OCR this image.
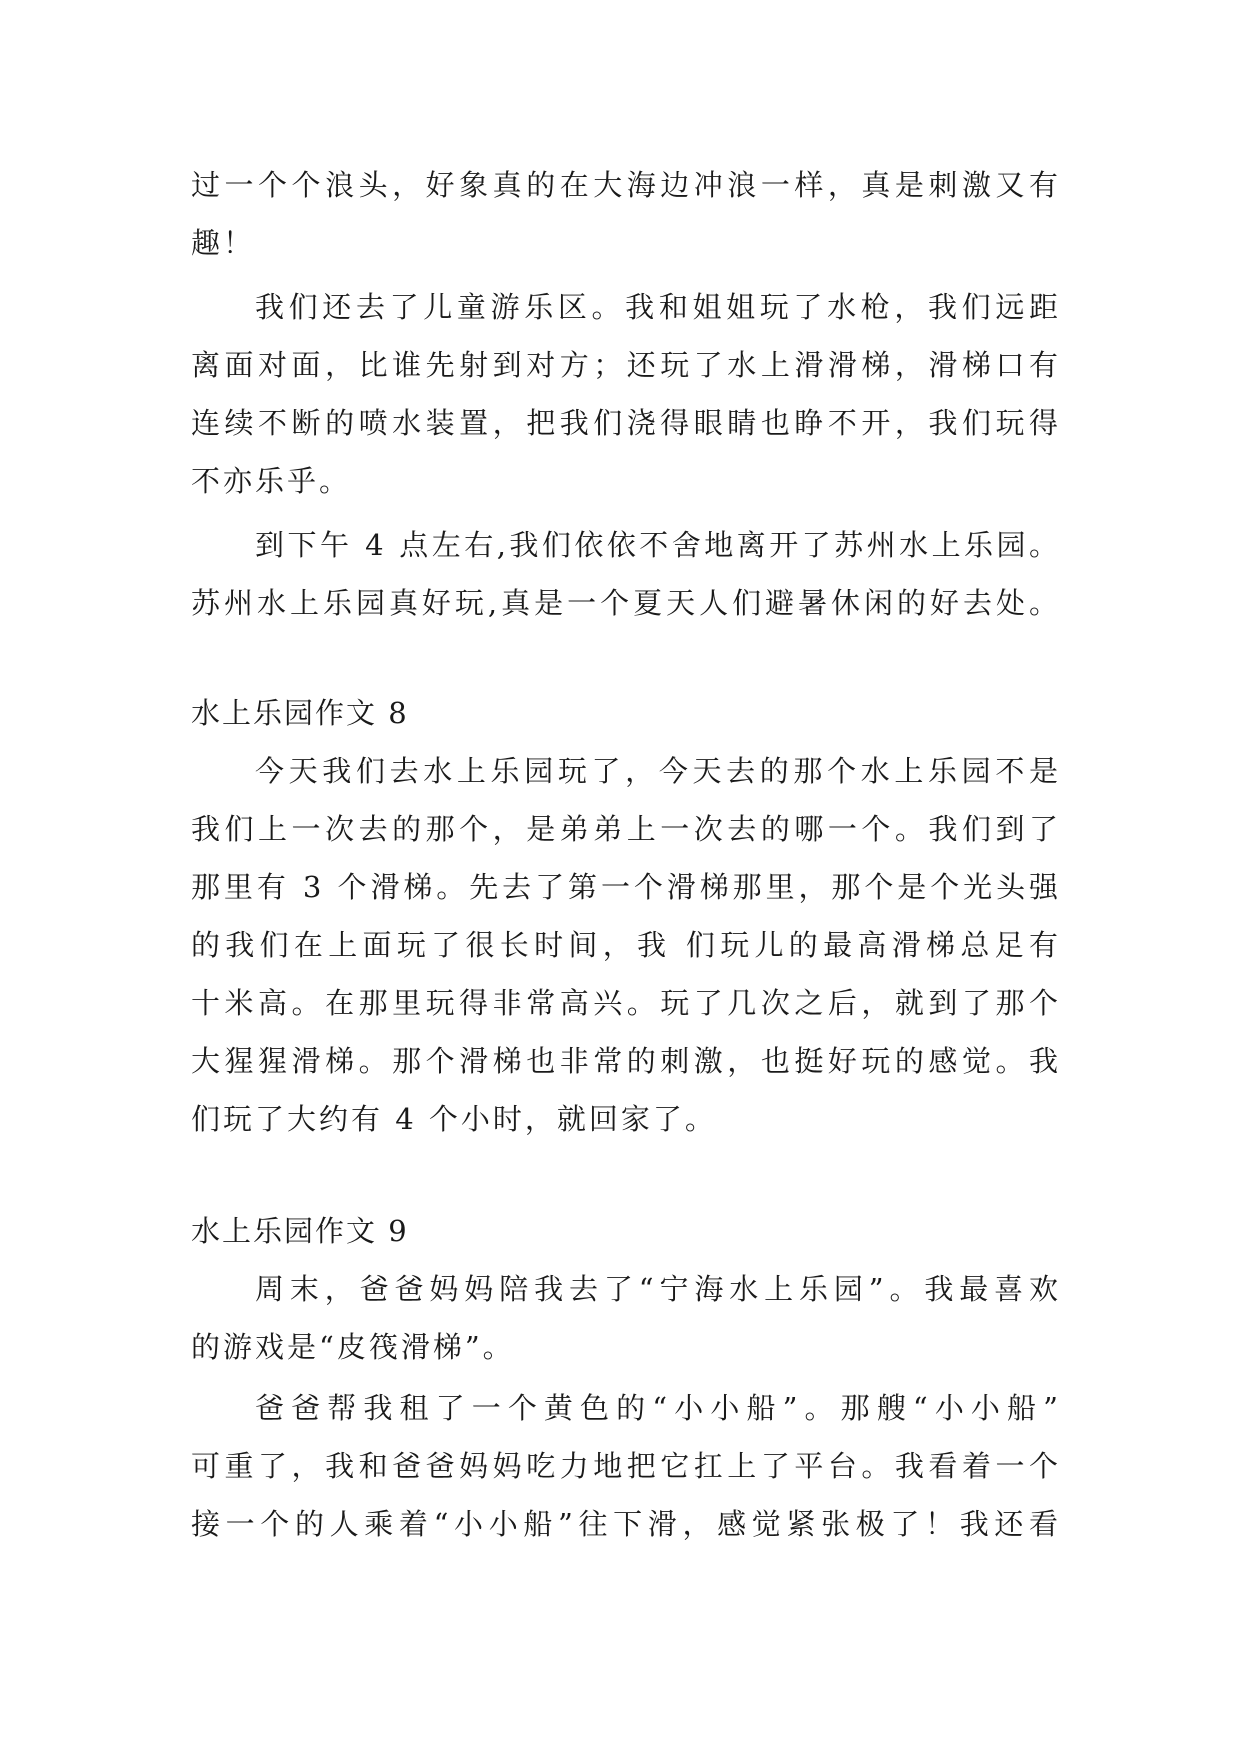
过一个个浪头，好象真的在大海边冲浪一样，真是刺激又有
趣！
我们还去了儿童游乐区。我和姐姐玩了水枪，我们远距
离面对面，比谁先射到对方；还玩了水上滑滑梯，滑梯口有
连续不断的喷水装置，把我们浇得眼睛也睁不开，我们玩得
不亦乐乎。
到下午 4 点左右,我们依依不舍地离开了苏州水上乐园。
苏州水上乐园真好玩,真是一个夏天人们避暑休闲的好去处。
水上乐园作文 8
今天我们去水上乐园玩了，今天去的那个水上乐园不是
我们上一次去的那个，是弟弟上一次去的哪一个。我们到了
那里有 3 个滑梯。先去了第一个滑梯那里，那个是个光头强
的我们在上面玩了很长时间，我 们玩儿的最高滑梯总足有
十米高。在那里玩得非常高兴。玩了几次之后，就到了那个
大猩猩滑梯。那个滑梯也非常的刺激，也挺好玩的感觉。我
们玩了大约有 4 个小时，就回家了。
水上乐园作文 9
周末，爸爸妈妈陪我去了“宁海水上乐园”。我最喜欢
的游戏是“皮筏滑梯”。
爸爸帮我租了一个黄色的“小小船”。那艘“小小船”
可重了，我和爸爸妈妈吃力地把它扛上了平台。我看着一个
接一个的人乘着“小小船”往下滑，感觉紧张极了！我还看
